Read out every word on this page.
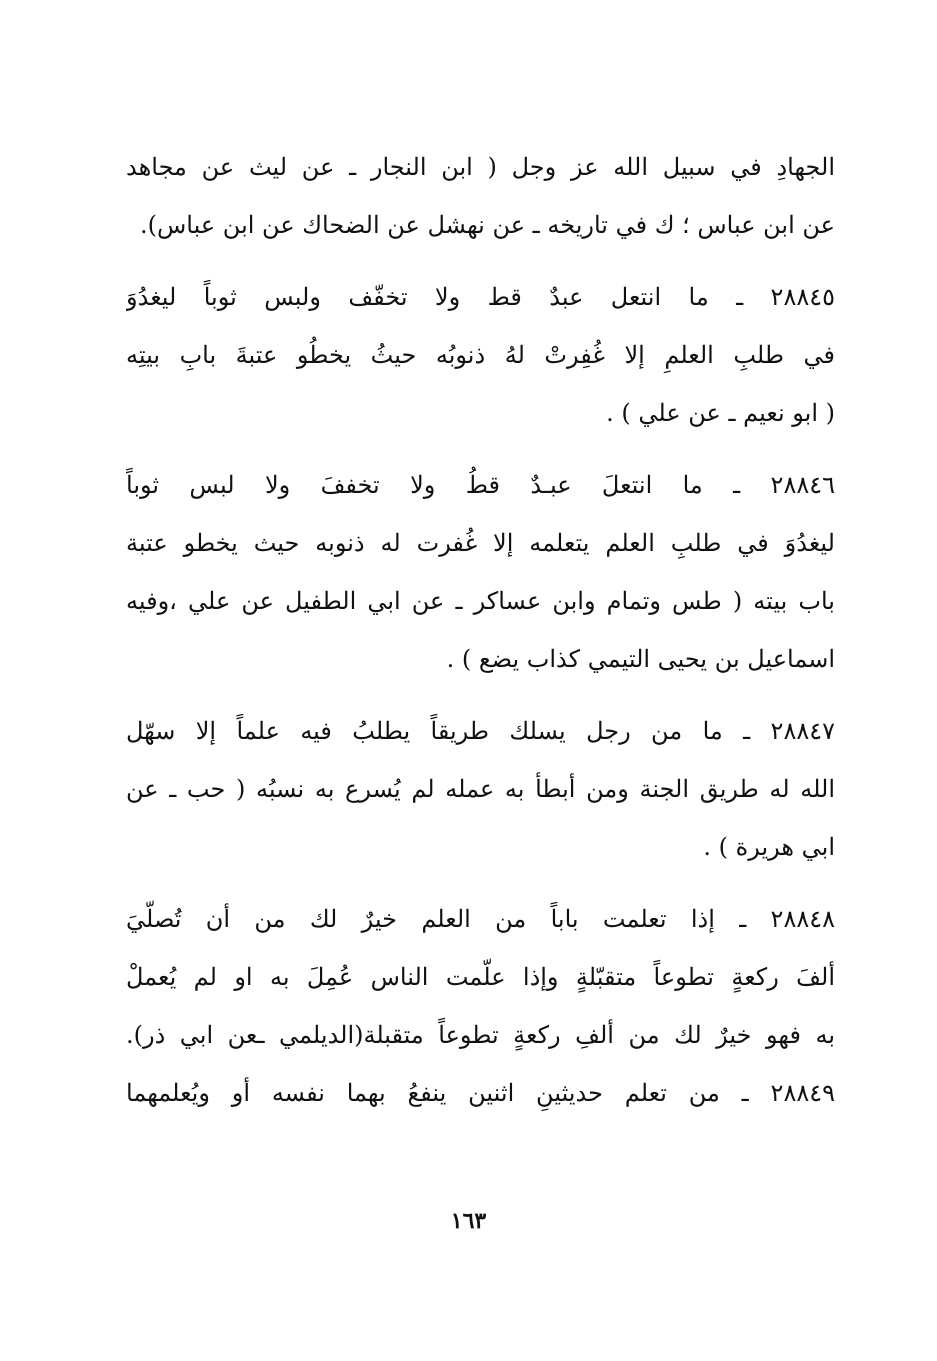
الجهادِ في سبيل الله عز وجل ( ابن النجار ـ عن ليث عن مجاهد
عن ابن عباس ؛ ك في تاريخه ـ عن نهشل عن الضحاك عن ابن عباس).
٢٨٨٤٥ ـ ما انتعل عبدٌ قط ولا تخفّف ولبس ثوباً ليغدُوَ
في طلبِ العلمِ إلا غُفِرتْ لهُ ذنوبُه حيثُ يخطُو عتبةَ بابِ بيتِه
( ابو نعيم ـ عن علي ) .
٢٨٨٤٦ ـ ما انتعلَ عبـدٌ قطُ ولا تخففَ ولا لبس ثوباً
ليغدُوَ في طلبِ العلم يتعلمه إلا غُفرت له ذنوبه حيث يخطو عتبة
باب بيته ( طس وتمام وابن عساكر ـ عن ابي الطفيل عن علي ،وفيه
اسماعيل بن يحيى التيمي كذاب يضع ) .
٢٨٨٤٧ ـ ما من رجل يسلك طريقاً يطلبُ فيه علماً إلا سهّل
الله له طريق الجنة ومن أبطأ به عمله لم يُسرع به نسبُه ( حب ـ عن
ابي هريرة ) .
٢٨٨٤٨ ـ إذا تعلمت باباً من العلم خيرٌ لك من أن تُصلّيَ
ألفَ ركعةٍ تطوعاً متقبّلةٍ وإذا علّمت الناس عُمِلَ به او لم يُعملْ
به فهو خيرٌ لك من ألفِ ركعةٍ تطوعاً متقبلة(الديلمي ـعن ابي ذر).
٢٨٨٤٩ ـ من تعلم حديثينِ اثنين ينفعُ بهما نفسه أو ويُعلمهما
١٦٣
